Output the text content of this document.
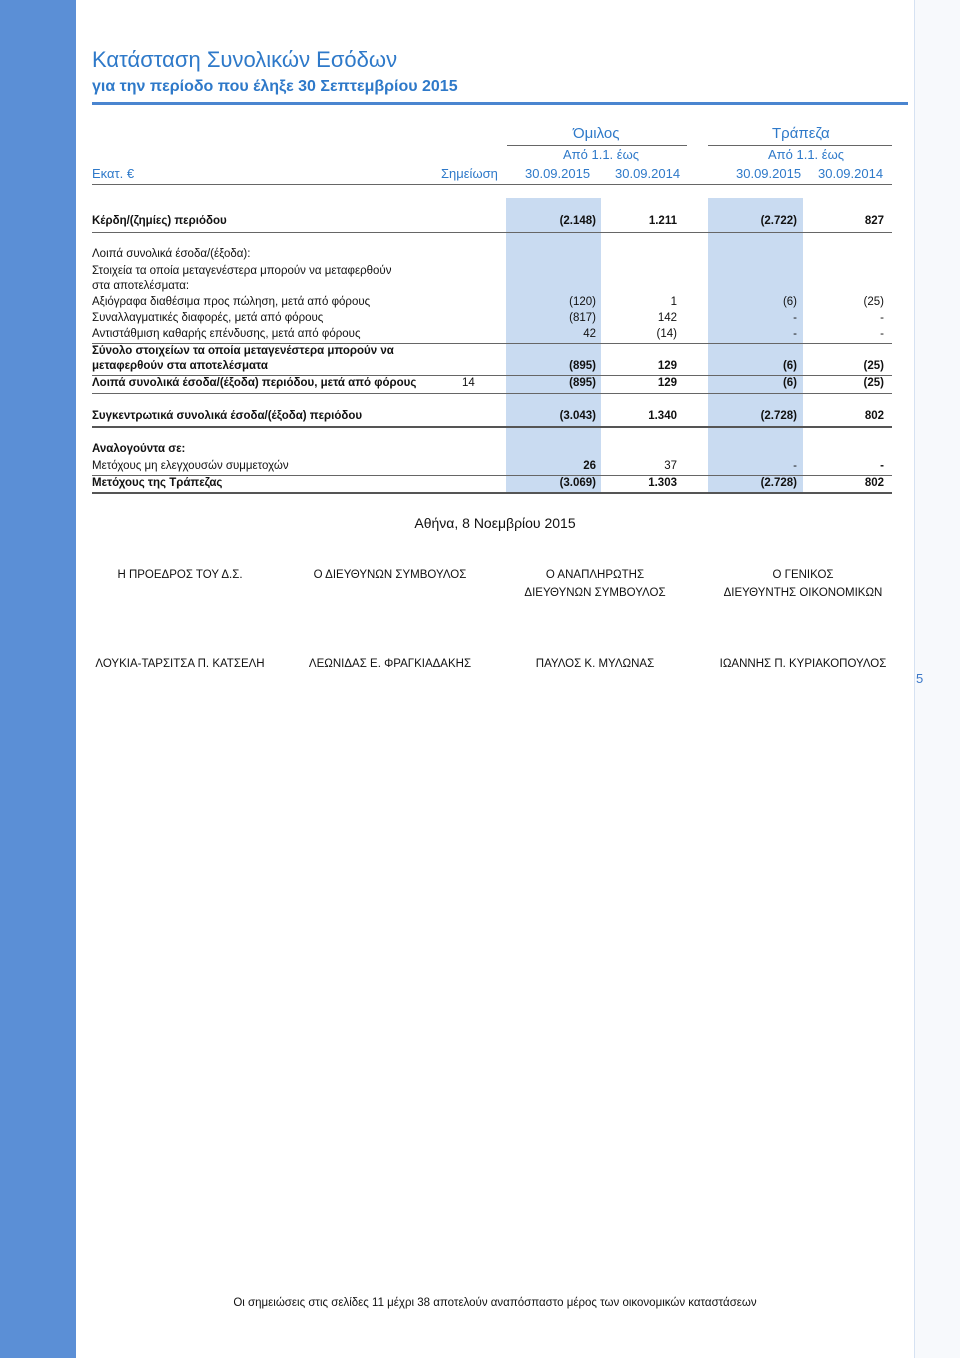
5
Κατάσταση Συνολικών Εσόδων
για την περίοδο που έληξε 30 Σεπτεμβρίου 2015
Όμιλος	Τράπεζα
Από 1.1. έως	Από 1.1. έως
Εκατ. €	Σημείωση 30.09.2015 30.09.2014	30.09.2015 30.09.2014
Κέρδη/(ζημίες) περιόδου	(2.148)	1.211	(2.722)	827
Λοιπά συνολικά έσοδα/(έξοδα):
Στοιχεία τα οποία μεταγενέστερα μπορούν να μεταφερθούν
στα αποτελέσματα:
Αξιόγραφα διαθέσιμα προς πώληση, μετά από φόρους	(120)	1	(6)	(25)
Συναλλαγματικές διαφορές, μετά από φόρους	(817)	142	-	-
Αντιστάθμιση καθαρής επένδυσης, μετά από φόρους	42	(14)	-	-
Σύνολο στοιχείων τα οποία μεταγενέστερα μπορούν να
μεταφερθούν στα αποτελέσματα	(895)	129	(6)	(25)
Λοιπά συνολικά έσοδα/(έξοδα) περιόδου, μετά από φόρους	14	(895)	129	(6)	(25)
Συγκεντρωτικά συνολικά έσοδα/(έξοδα) περιόδου	(3.043)	1.340	(2.728)	802
Αναλογούντα σε:
Μετόχους μη ελεγχουσών συμμετοχών	26	37	-	-
Μετόχους της Τράπεζας	(3.069)	1.303	(2.728)	802
Αθήνα, 8 Νοεμβρίου 2015
Η ΠΡΟΕΔΡΟΣ ΤΟΥ Δ.Σ.	Ο ΔΙΕΥΘΥΝΩΝ ΣΥΜΒΟΥΛΟΣ	Ο ΑΝΑΠΛΗΡΩΤΗΣ
ΔΙΕΥΘΥΝΩΝ ΣΥΜΒΟΥΛΟΣ
Ο ΓΕΝΙΚΟΣ
ΔΙΕΥΘΥΝΤΗΣ ΟΙΚΟΝΟΜΙΚΩΝ
ΛΟΥΚΙΑ-ΤΑΡΣΙΤΣΑ Π. ΚΑΤΣΕΛΗ	ΛΕΩΝΙΔΑΣ Ε. ΦΡΑΓΚΙΑΔΑΚΗΣ	ΠΑΥΛΟΣ Κ. ΜΥΛΩΝΑΣ	ΙΩΑΝΝΗΣ Π. ΚΥΡΙΑΚΟΠΟΥΛΟΣ
Οι σημειώσεις στις σελίδες 11 μέχρι 38 αποτελούν αναπόσπαστο μέρος των οικονομικών καταστάσεων
